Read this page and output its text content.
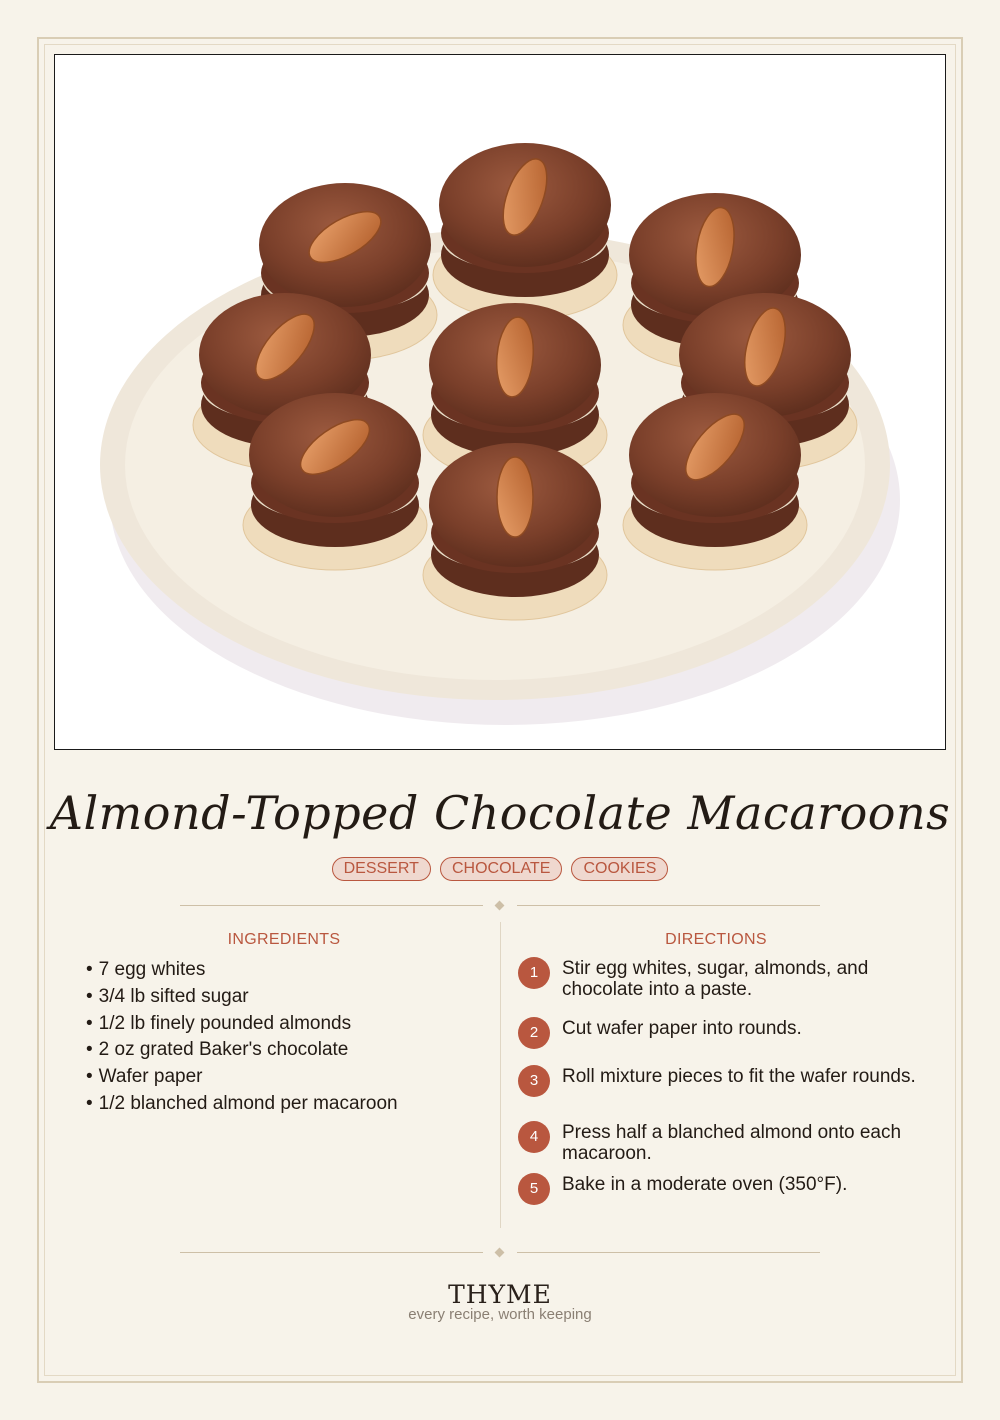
Almond-Topped Chocolate Macaroons
DESSERT CHOCOLATE COOKIES
INGREDIENTS	DIRECTIONS
• 7 egg whites
• 3/4 lb sifted sugar
• 1/2 lb finely pounded almonds
• 2 oz grated Baker's chocolate
• Wafer paper
• 1/2 blanched almond per macaroon
1	Stir egg whites, sugar, almonds, and chocolate into a paste.
2	Cut wafer paper into rounds.
3	Roll mixture pieces to fit the wafer rounds.
4	Press half a blanched almond onto each macaroon.
5	Bake in a moderate oven (350°F).
THYME
every recipe, worth keeping
